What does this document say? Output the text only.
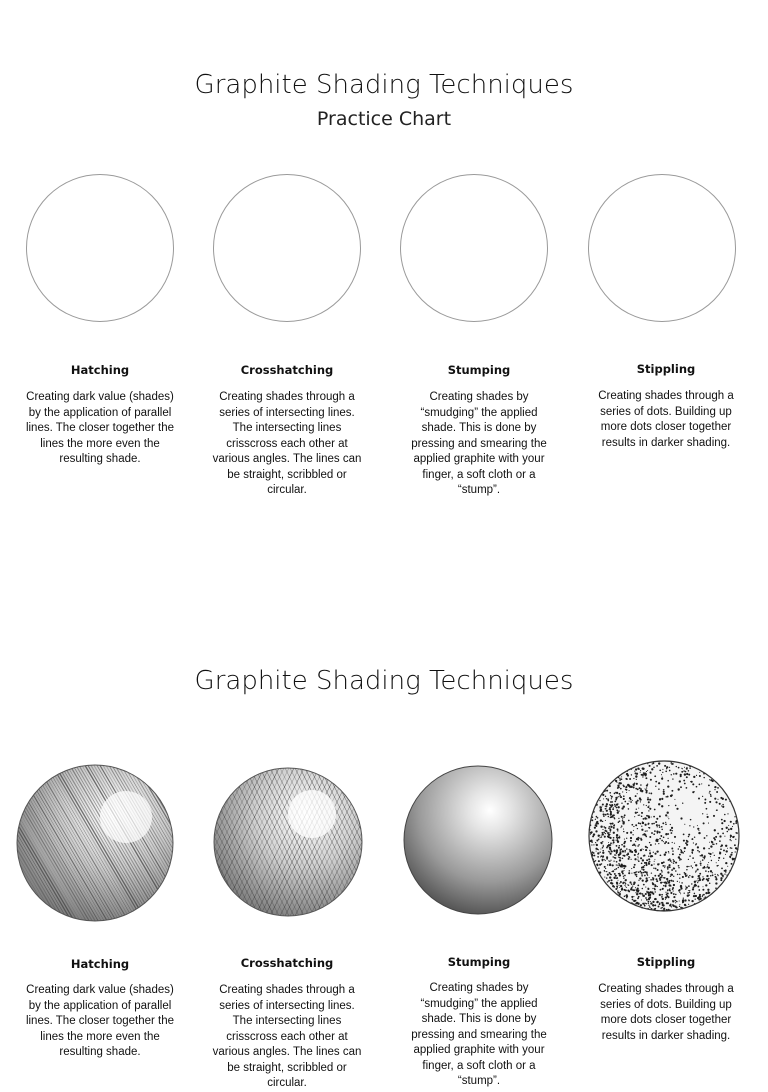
Graphite Shading Techniques
Practice Chart
Hatching	Crosshatching	Stumping	Stippling
Creating dark value (shades) by the application of parallel lines. The closer together the lines the more even the resulting shade.
Creating shades through a series of intersecting lines. The intersecting lines crisscross each other at various angles. The lines can be straight, scribbled or circular.
Creating shades by “smudging” the applied shade. This is done by pressing and smearing the applied graphite with your finger, a soft cloth or a “stump”.
Creating shades through a series of dots. Building up more dots closer together results in darker shading.
Graphite Shading Techniques
Hatching	Crosshatching	Stumping	Stippling
Creating dark value (shades) by the application of parallel lines. The closer together the lines the more even the resulting shade.
Creating shades through a series of intersecting lines. The intersecting lines crisscross each other at various angles. The lines can be straight, scribbled or circular.
Creating shades by “smudging” the applied shade. This is done by pressing and smearing the applied graphite with your finger, a soft cloth or a “stump”.
Creating shades through a series of dots. Building up more dots closer together results in darker shading.
